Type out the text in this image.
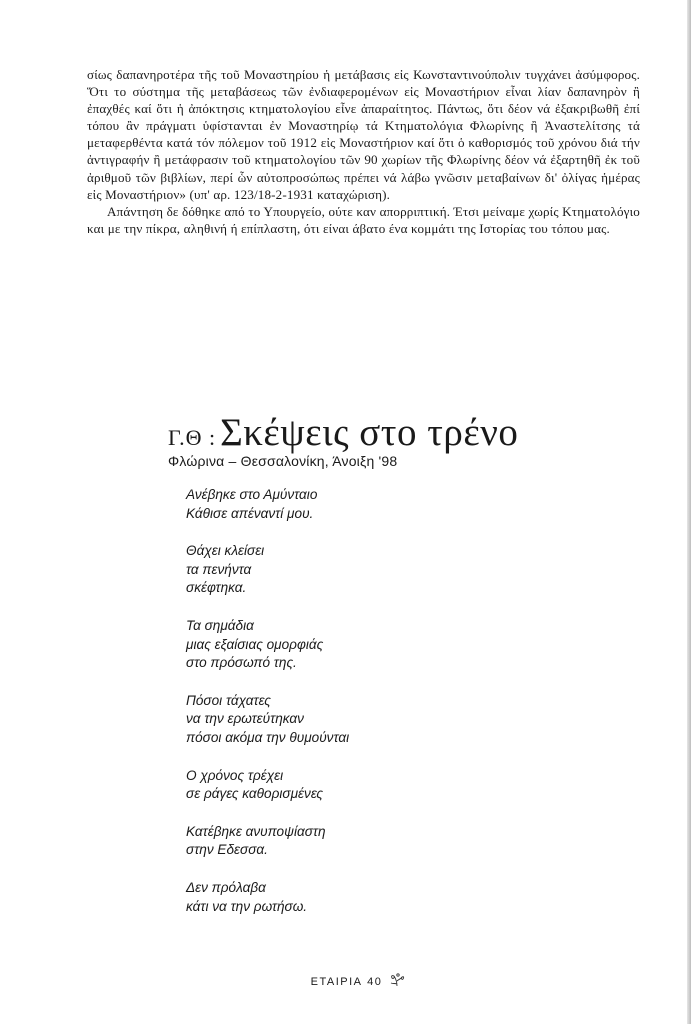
σίως δαπανηροτέρα τῆς τοῦ Μοναστηρίου ἡ μετάβασις εἰς Κωνσταντινούπολιν τυγχάνει ἀσύμφορος. Ὅτι το σύστημα τῆς μεταβάσεως τῶν ἐνδιαφερομένων εἰς Μοναστήριον εἶναι λίαν δαπανηρὸν ἢ ἐπαχθές καί ὅτι ἡ ἀπόκτησις κτηματολογίου εἶνε ἀπαραίτητος. Πάντως, ὅτι δέον νά ἐξακριβωθῆ ἐπί τόπου ἂν πράγματι ὑφίστανται ἐν Μοναστηρίῳ τά Κτηματολόγια Φλωρίνης ἢ Ἀναστελίτσης τά μεταφερθέντα κατά τόν πόλεμον τοῦ 1912 εἰς Μοναστήριον καί ὅτι ὁ καθορισμός τοῦ χρόνου διά τήν ἀντιγραφήν ἢ μετάφρασιν τοῦ κτηματολογίου τῶν 90 χωρίων τῆς Φλωρίνης δέον νά ἐξαρτηθῆ ἐκ τοῦ ἀριθμοῦ τῶν βιβλίων, περί ὧν αὐτοπροσώπως πρέπει νά λάβω γνῶσιν μεταβαίνων δι' ὀλίγας ἡμέρας εἰς Μοναστήριον» (υπ' αρ. 123/18-2-1931 καταχώριση).

Απάντηση δε δόθηκε από το Υπουργείο, ούτε καν απορριπτική. Έτσι μείναμε χωρίς Κτηματολόγιο και με την πίκρα, αληθινή ή επίπλαστη, ότι είναι άβατο ένα κομμάτι της Ιστορίας του τόπου μας.

Γ.Θ : Σκέψεις στο τρένο
Φλώρινα – Θεσσαλονίκη, Άνοιξη '98
Ανέβηκε στο Αμύνταιο
Κάθισε απέναντί μου.
Θάχει κλείσει
τα πενήντα
σκέφτηκα.
Τα σημάδια
μιας εξαίσιας ομορφιάς
στο πρόσωπό της.
Πόσοι τάχατες
να την ερωτεύτηκαν
πόσοι ακόμα την θυμούνται
Ο χρόνος τρέχει
σε ράγες καθορισμένες
Κατέβηκε ανυποψίαστη
στην Εδεσσα.
Δεν πρόλαβα
κάτι να την ρωτήσω.
ΕΤΑΙΡΙΑ
40
